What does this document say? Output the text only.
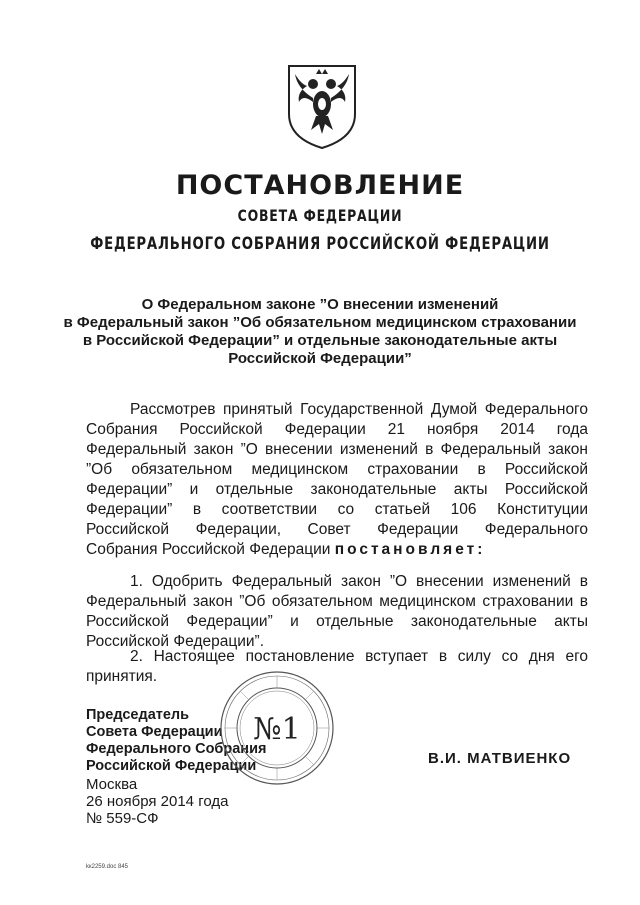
ПОСТАНОВЛЕНИЕ
СОВЕТА ФЕДЕРАЦИИ
ФЕДЕРАЛЬНОГО СОБРАНИЯ РОССИЙСКОЙ ФЕДЕРАЦИИ
О Федеральном законе ”О внесении изменений
в Федеральный закон ”Об обязательном медицинском страховании
в Российской Федерации” и отдельные законодательные акты
Российской Федерации”
Рассмотрев принятый Государственной Думой Федерального
Собрания Российской Федерации 21 ноября 2014 года
Федеральный закон ”О внесении изменений в Федеральный закон
”Об обязательном медицинском страховании в Российской
Федерации” и отдельные законодательные акты Российской
Федерации” в соответствии со статьей 106 Конституции
Российской Федерации, Совет Федерации Федерального
Собрания Российской Федерации постановляет:
1. Одобрить Федеральный закон ”О внесении изменений в
Федеральный закон ”Об обязательном медицинском страховании в
Российской Федерации” и отдельные законодательные акты
Российской Федерации”.
2. Настоящее постановление вступает в силу со дня его
принятия.
Председатель
Совета Федерации
Федерального Собрания
Российской Федерации
№1
В.И. МАТВИЕНКО
Москва
26 ноября 2014 года
№ 559-СФ
kк2259.doc 845
